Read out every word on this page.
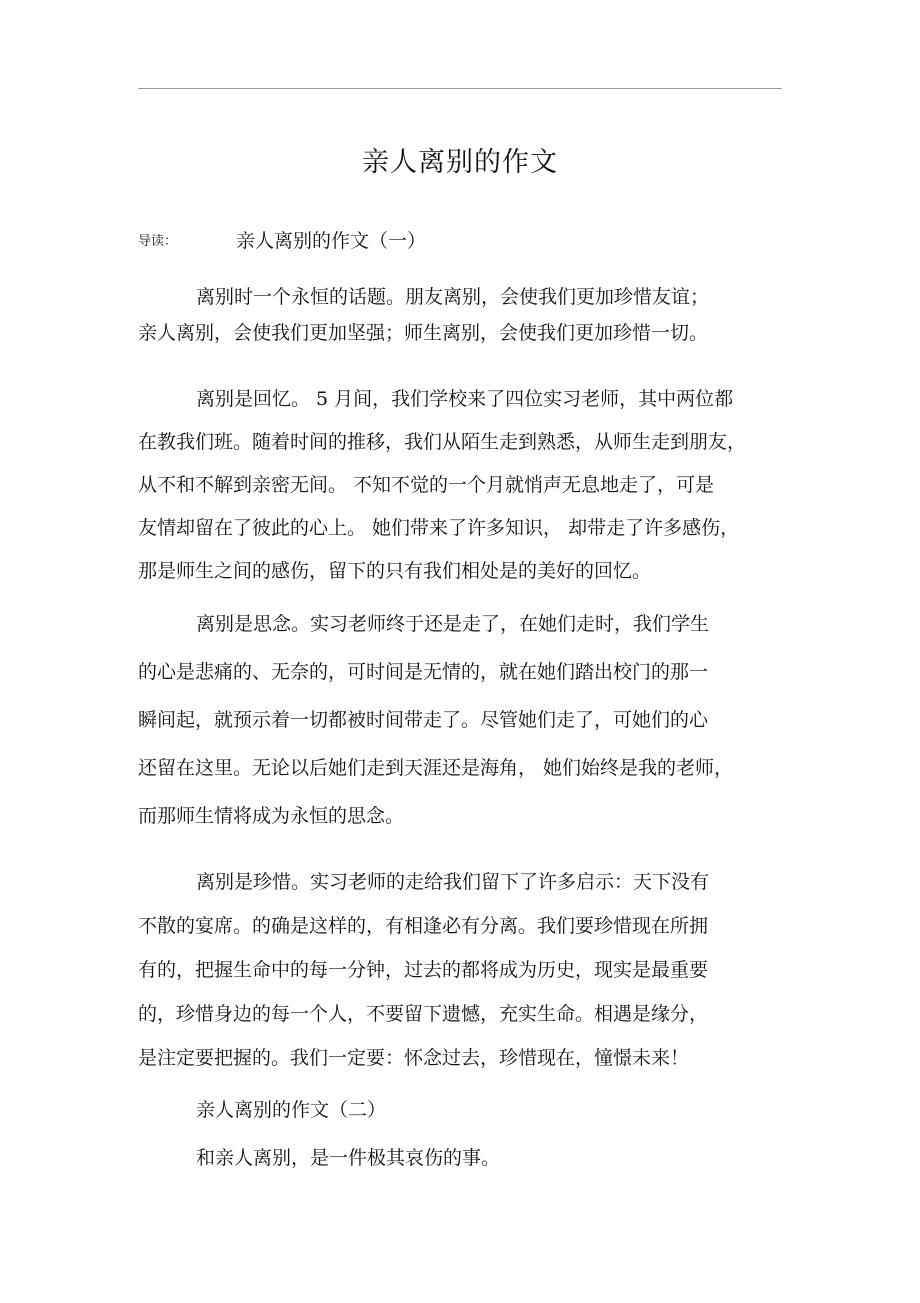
亲人离别的作文
导读：	亲人离别的作文（一）
离别时一个永恒的话题。朋友离别，会使我们更加珍惜友谊；
亲人离别，会使我们更加坚强；师生离别，会使我们更加珍惜一切。
离别是回忆。 5 月间，我们学校来了四位实习老师，其中两位都
在教我们班。随着时间的推移，我们从陌生走到熟悉，从师生走到朋友，
从不和不解到亲密无间。 不知不觉的一个月就悄声无息地走了，可是
友情却留在了彼此的心上。 她们带来了许多知识， 却带走了许多感伤，
那是师生之间的感伤，留下的只有我们相处是的美好的回忆。
离别是思念。实习老师终于还是走了，在她们走时，我们学生
的心是悲痛的、无奈的，可时间是无情的，就在她们踏出校门的那一
瞬间起，就预示着一切都被时间带走了。尽管她们走了，可她们的心
还留在这里。无论以后她们走到天涯还是海角， 她们始终是我的老师，
而那师生情将成为永恒的思念。
离别是珍惜。实习老师的走给我们留下了许多启示：天下没有
不散的宴席。的确是这样的，有相逢必有分离。我们要珍惜现在所拥
有的，把握生命中的每一分钟，过去的都将成为历史，现实是最重要
的，珍惜身边的每一个人，不要留下遗憾，充实生命。相遇是缘分，
是注定要把握的。我们一定要：怀念过去，珍惜现在，憧憬未来！
亲人离别的作文（二）
和亲人离别，是一件极其哀伤的事。
